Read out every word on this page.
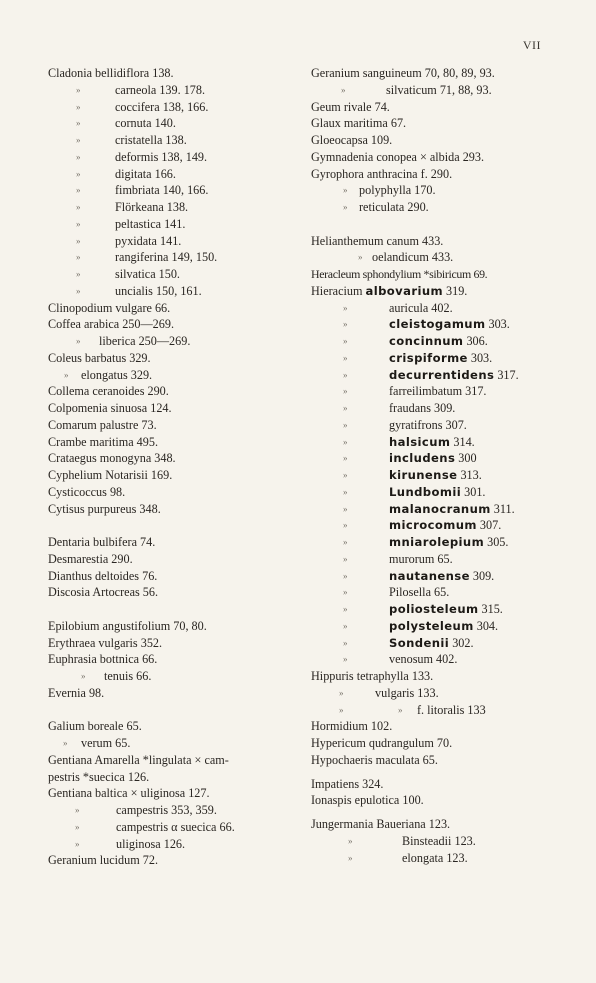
VII
Cladonia bellidiflora 138.
»	carneola 139. 178.
»	coccifera 138, 166.
»	cornuta 140.
»	cristatella 138.
»	deformis 138, 149.
»	digitata 166.
»	fimbriata 140, 166.
»	Flörkeana 138.
»	peltastica 141.
»	pyxidata 141.
»	rangiferina 149, 150.
»	silvatica 150.
»	uncialis 150, 161.
Clinopodium vulgare 66.
Coffea arabica 250—269.
» liberica 250—269.
Coleus barbatus 329.
» elongatus 329.
Collema ceranoides 290.
Colpomenia sinuosa 124.
Comarum palustre 73.
Crambe maritima 495.
Crataegus monogyna 348.
Cyphelium Notarisii 169.
Cysticoccus 98.
Cytisus purpureus 348.
Dentaria bulbifera 74.
Desmarestia 290.
Dianthus deltoides 76.
Discosia Artocreas 56.
Epilobium angustifolium 70, 80.
Erythraea vulgaris 352.
Euphrasia bottnica 66.
» tenuis 66.
Evernia 98.
Galium boreale 65.
» verum 65.
Gentiana Amarella *lingulata × cam-
pestris *suecica 126.
Gentiana baltica × uliginosa 127.
»	campestris 353, 359.
»	campestris α suecica 66.
»	uliginosa 126.
Geranium lucidum 72.
Geranium sanguineum 70, 80, 89, 93.
»	silvaticum 71, 88, 93.
Geum rivale 74.
Glaux maritima 67.
Gloeocapsa 109.
Gymnadenia conopea × albida 293.
Gyrophora anthracina f. 290.
» polyphylla 170.
» reticulata 290.
Helianthemum canum 433.
» oelandicum 433.
Heracleum sphondylium *sibiricum 69.
Hieracium albovarium 319.
»	auricula 402.
»	cleistogamum 303.
»	concinnum 306.
»	crispiforme 303.
»	decurrentidens 317.
»	farreilimbatum 317.
»	fraudans 309.
»	gyratifrons 307.
»	halsicum 314.
»	includens 300
»	kirunense 313.
»	Lundbomii 301.
»	malanocranum 311.
»	microcomum 307.
»	mniarolepium 305.
»	murorum 65.
»	nautanense 309.
»	Pilosella 65.
»	poliosteleum 315.
»	polysteleum 304.
»	Sondenii 302.
»	venosum 402.
Hippuris tetraphylla 133.
»	vulgaris 133.
»	» f. litoralis 133
Hormidium 102.
Hypericum qudrangulum 70.
Hypochaeris maculata 65.
Impatiens 324.
Ionaspis epulotica 100.
Jungermania Baueriana 123.
»	Binsteadii 123.
»	elongata 123.
